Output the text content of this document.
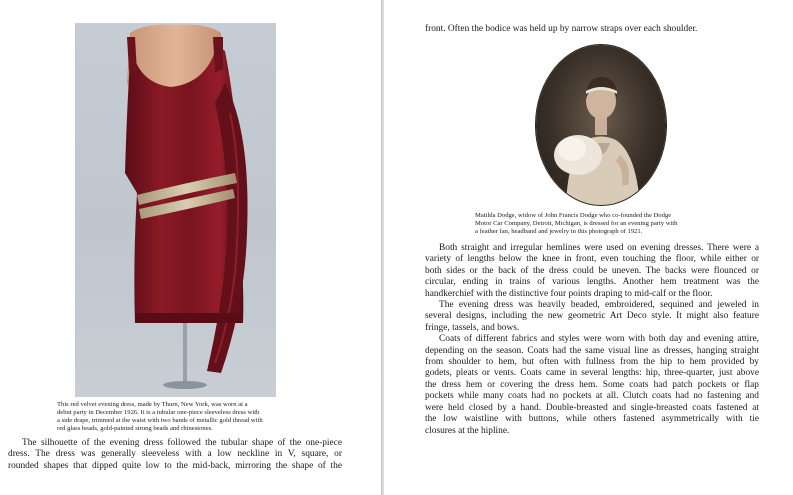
This red velvet evening dress, made by Thurn, New York, was worn at a
debut party in December 1926. It is a tubular one-piece sleeveless dress with
a side drape, trimmed at the waist with two bands of metallic gold thread with
red glass beads, gold-painted strung beads and rhinestones.
The silhouette of the evening dress followed the tubular shape of the one-piece
dress. The dress was generally sleeveless with a low neckline in V, square, or
rounded shapes that dipped quite low to the mid-back, mirroring the shape of the
front. Often the bodice was held up by narrow straps over each shoulder.
Matilda Dodge, widow of John Francis Dodge who co-founded the Dodge
Motor Car Company, Detroit, Michigan, is dressed for an evening party with
a feather fan, headband and jewelry in this photograph of 1921.
Both straight and irregular hemlines were used on evening dresses. There were a
variety of lengths below the knee in front, even touching the floor, while either or
both sides or the back of the dress could be uneven. The backs were flounced or
circular, ending in trains of various lengths. Another hem treatment was the
handkerchief with the distinctive four points draping to mid-calf or the floor.
The evening dress was heavily beaded, embroidered, sequined and jeweled in
several designs, including the new geometric Art Deco style. It might also feature
fringe, tassels, and bows.
Coats of different fabrics and styles were worn with both day and evening attire,
depending on the season. Coats had the same visual line as dresses, hanging straight
from shoulder to hem, but often with fullness from the hip to hem provided by
godets, pleats or vents. Coats came in several lengths: hip, three-quarter, just above
the dress hem or covering the dress hem. Some coats had patch pockets or flap
pockets while many coats had no pockets at all. Clutch coats had no fastening and
were held closed by a hand. Double-breasted and single-breasted coats fastened at
the low waistline with buttons, while others fastened asymmetrically with tie
closures at the hipline.
